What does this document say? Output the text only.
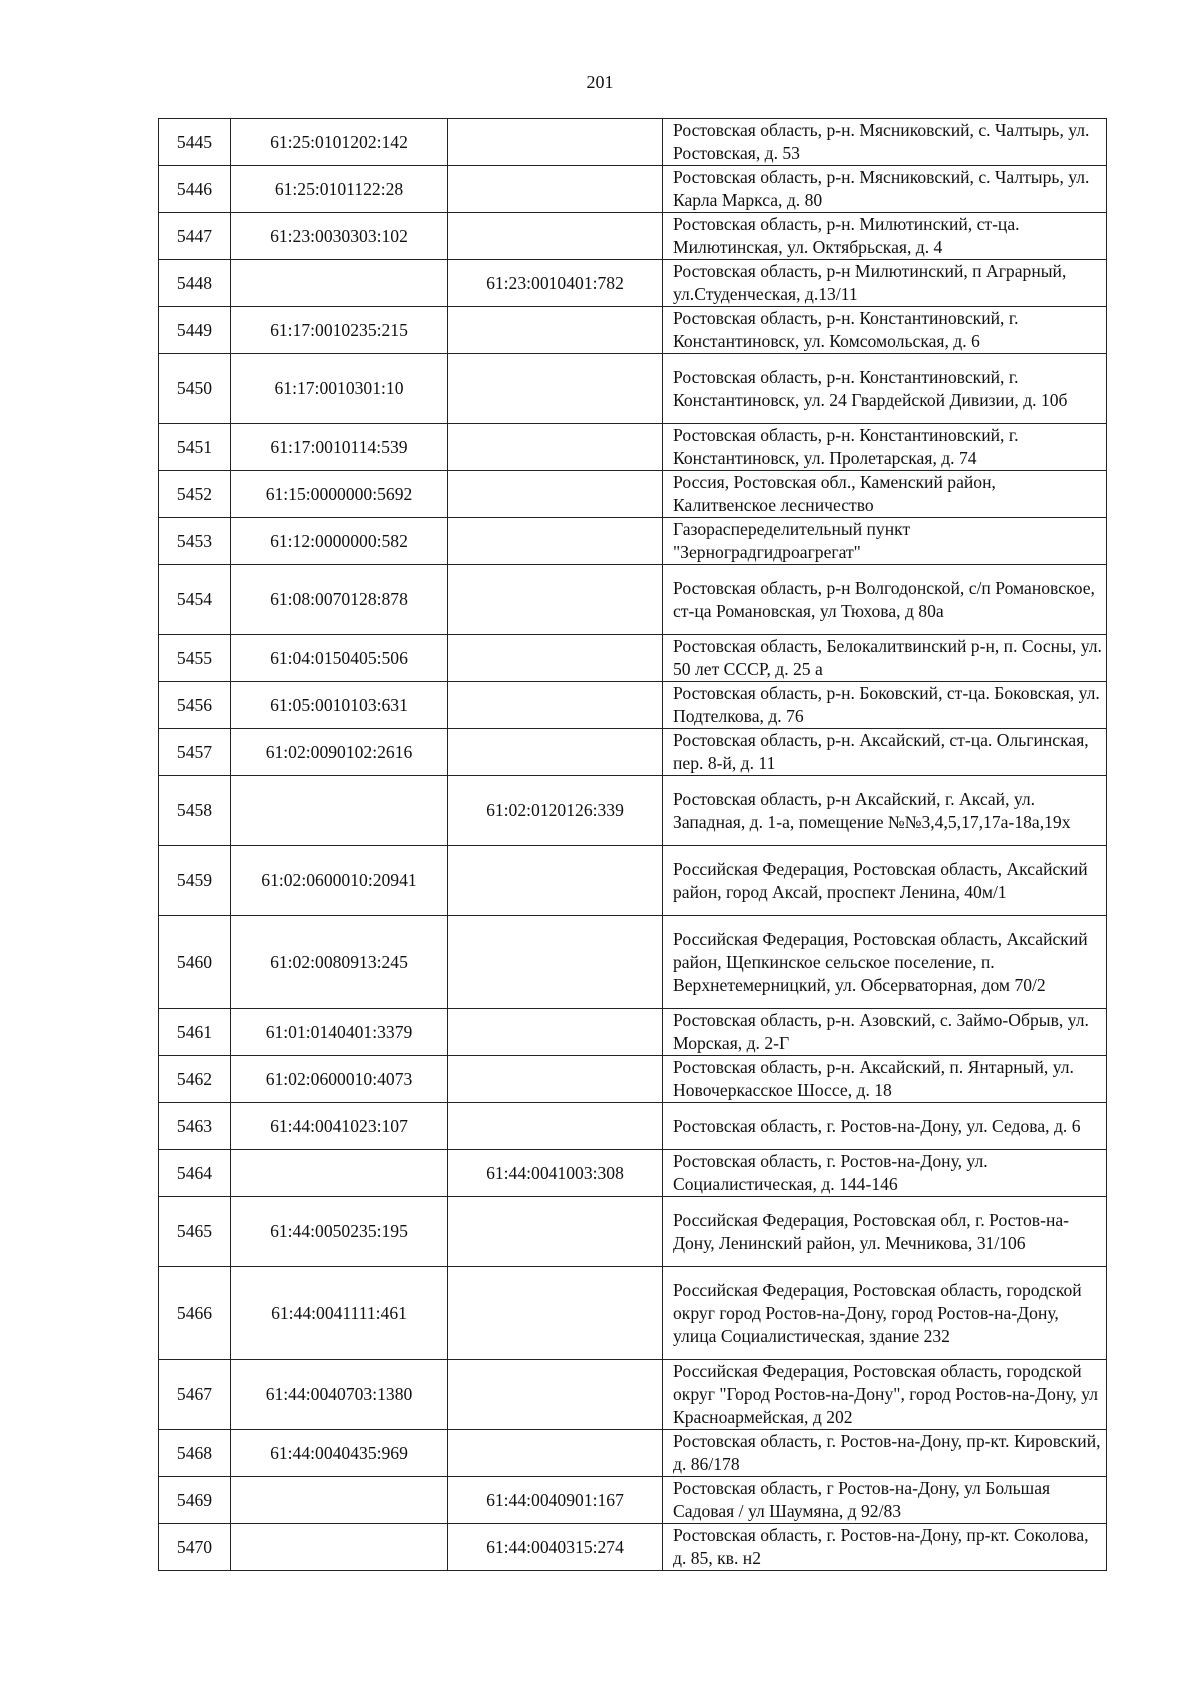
201
5445	61:25:0101202:142		Ростовская область, р-н. Мясниковский, с. Чалтырь, ул. Ростовская, д. 53
5446	61:25:0101122:28		Ростовская область, р-н. Мясниковский, с. Чалтырь, ул. Карла Маркса, д. 80
5447	61:23:0030303:102		Ростовская область, р-н. Милютинский, ст-ца. Милютинская, ул. Октябрьская, д. 4
5448		61:23:0010401:782	Ростовская область, р-н Милютинский, п Аграрный, ул.Студенческая, д.13/11
5449	61:17:0010235:215		Ростовская область, р-н. Константиновский, г. Константиновск, ул. Комсомольская, д. 6
5450	61:17:0010301:10		Ростовская область, р-н. Константиновский, г. Константиновск, ул. 24 Гвардейской Дивизии, д. 10б
5451	61:17:0010114:539		Ростовская область, р-н. Константиновский, г. Константиновск, ул. Пролетарская, д. 74
5452	61:15:0000000:5692		Россия, Ростовская обл., Каменский район, Калитвенское лесничество
5453	61:12:0000000:582		Газораспеределительный пункт "Зерноградгидроагрегат"
5454	61:08:0070128:878		Ростовская область, р-н Волгодонской, с/п Романовское, ст-ца Романовская, ул Тюхова, д 80а
5455	61:04:0150405:506		Ростовская область, Белокалитвинский р-н, п. Сосны, ул. 50 лет СССР, д. 25 а
5456	61:05:0010103:631		Ростовская область, р-н. Боковский, ст-ца. Боковская, ул. Подтелкова, д. 76
5457	61:02:0090102:2616		Ростовская область, р-н. Аксайский, ст-ца. Ольгинская, пер. 8-й, д. 11
5458		61:02:0120126:339	Ростовская область, р-н Аксайский, г. Аксай, ул. Западная, д. 1-а, помещение №№3,4,5,17,17а-18а,19х
5459	61:02:0600010:20941		Российская Федерация, Ростовская область, Аксайский район, город Аксай, проспект Ленина, 40м/1
5460	61:02:0080913:245		Российская Федерация, Ростовская область, Аксайский район, Щепкинское сельское поселение, п. Верхнетемерницкий, ул. Обсерваторная, дом 70/2
5461	61:01:0140401:3379		Ростовская область, р-н. Азовский, с. Займо-Обрыв, ул. Морская, д. 2-Г
5462	61:02:0600010:4073		Ростовская область, р-н. Аксайский, п. Янтарный, ул. Новочеркасское Шоссе, д. 18
5463	61:44:0041023:107		Ростовская область, г. Ростов-на-Дону, ул. Седова, д. 6
5464		61:44:0041003:308	Ростовская область, г. Ростов-на-Дону, ул. Социалистическая, д. 144-146
5465	61:44:0050235:195		Российская Федерация, Ростовская обл, г. Ростов-на-Дону, Ленинский район, ул. Мечникова, 31/106
5466	61:44:0041111:461		Российская Федерация, Ростовская область, городской округ город Ростов-на-Дону, город Ростов-на-Дону, улица Социалистическая, здание 232
5467	61:44:0040703:1380		Российская Федерация, Ростовская область, городской округ "Город Ростов-на-Дону", город Ростов-на-Дону, ул Красноармейская, д 202
5468	61:44:0040435:969		Ростовская область, г. Ростов-на-Дону, пр-кт. Кировский, д. 86/178
5469		61:44:0040901:167	Ростовская область, г Ростов-на-Дону, ул Большая Садовая / ул Шаумяна, д 92/83
5470		61:44:0040315:274	Ростовская область, г. Ростов-на-Дону, пр-кт. Соколова, д. 85, кв. н2
